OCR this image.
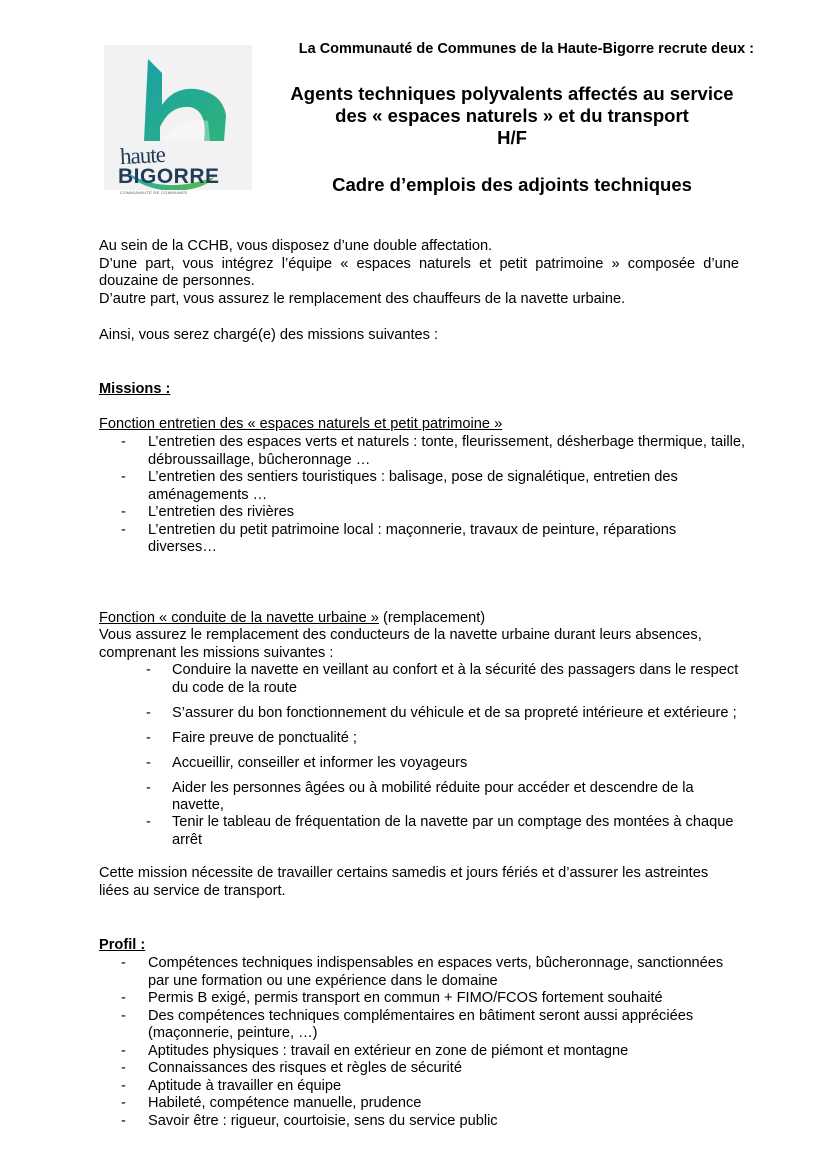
haute
BIGORRE
COMMUNAUTÉ DE COMMUNES
La Communauté de Communes de la Haute-Bigorre recrute deux :
Agents techniques polyvalents affectés au service
des « espaces naturels » et du transport
H/F
Cadre d’emplois des adjoints techniques
Au sein de la CCHB, vous disposez d’une double affectation.
D’une part, vous intégrez l’équipe « espaces naturels et petit patrimoine » composée d’une douzaine de personnes.
D’autre part, vous assurez le remplacement des chauffeurs de la navette urbaine.
Ainsi, vous serez chargé(e) des missions suivantes :
Missions :
Fonction entretien des « espaces naturels et petit patrimoine »
- L’entretien des espaces verts et naturels : tonte, fleurissement, désherbage thermique, taille, débroussaillage, bûcheronnage …
- L’entretien des sentiers touristiques : balisage, pose de signalétique, entretien des aménagements …
- L’entretien des rivières
- L’entretien du petit patrimoine local : maçonnerie, travaux de peinture, réparations diverses…
Fonction « conduite de la navette urbaine » (remplacement)
Vous assurez le remplacement des conducteurs de la navette urbaine durant leurs absences, comprenant les missions suivantes :
- Conduire la navette en veillant au confort et à la sécurité des passagers dans le respect du code de la route
- S’assurer du bon fonctionnement du véhicule et de sa propreté intérieure et extérieure ;
- Faire preuve de ponctualité ;
- Accueillir, conseiller et informer les voyageurs
- Aider les personnes âgées ou à mobilité réduite pour accéder et descendre de la navette,
- Tenir le tableau de fréquentation de la navette par un comptage des montées à chaque arrêt
Cette mission nécessite de travailler certains samedis et jours fériés et d’assurer les astreintes liées au service de transport.
Profil :
- Compétences techniques indispensables en espaces verts, bûcheronnage, sanctionnées par une formation ou une expérience dans le domaine
- Permis B exigé, permis transport en commun + FIMO/FCOS fortement souhaité
- Des compétences techniques complémentaires en bâtiment seront aussi appréciées (maçonnerie, peinture, …)
- Aptitudes physiques : travail en extérieur en zone de piémont et montagne
- Connaissances des risques et règles de sécurité
- Aptitude à travailler en équipe
- Habileté, compétence manuelle, prudence
- Savoir être : rigueur, courtoisie, sens du service public
